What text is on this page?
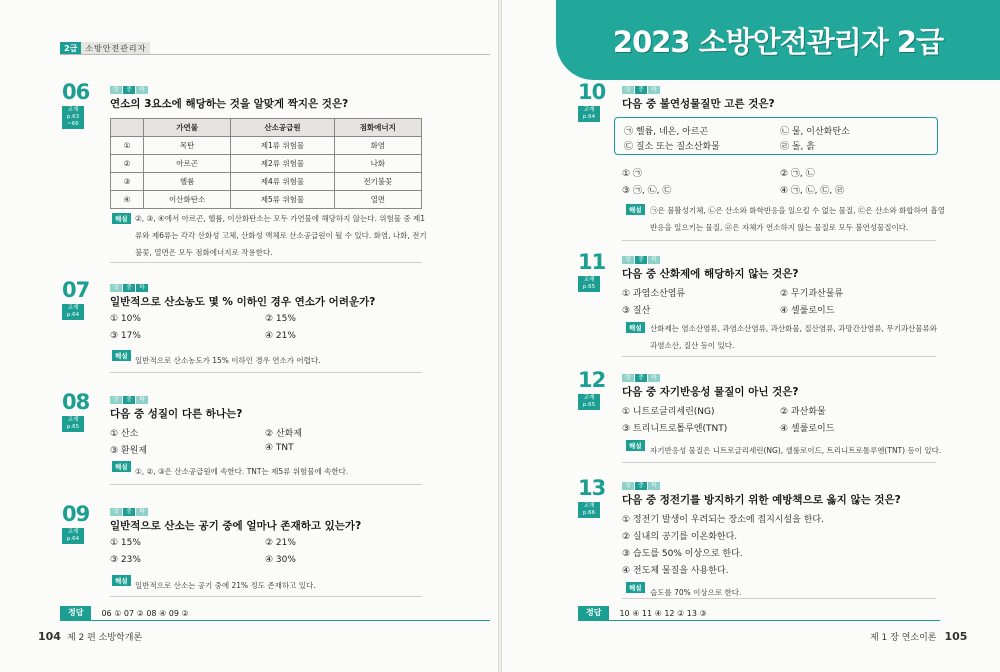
2023 소방안전관리자 2급
2급	소방안전관리자
06
교재 p.63 ~66
상	중	하
연소의 3요소에 해당하는 것을 알맞게 짝지은 것은?
	가연물	산소공급원	점화에너지
①	목탄	제1류 위험물	화염
②	아르곤	제2류 위험물	나화
③	헬륨	제4류 위험물	전기불꽃
④	이산화탄소	제5류 위험물	열면
해설 ②, ③, ④에서 아르곤, 헬륨, 이산화탄소는 모두 가연물에 해당하지 않는다. 위험물 중 제1
류와 제6류는 각각 산화성 고체, 산화성 액체로 산소공급원이 될 수 있다. 화염, 나화, 전기
불꽃, 열면은 모두 점화에너지로 작용한다.
07
교재 p.64
상	중	하
일반적으로 산소농도 몇 % 이하인 경우 연소가 어려운가?
① 10%	② 15%
③ 17%	④ 21%
해설 일반적으로 산소농도가 15% 이하인 경우 연소가 어렵다.
08
교재 p.65
상	중	하
다음 중 성질이 다른 하나는?
① 산소	② 산화제
③ 환원제	④ TNT
해설 ①, ②, ③은 산소공급원에 속한다. TNT는 제5류 위험물에 속한다.
09
교재 p.64
상	중	하
일반적으로 산소는 공기 중에 얼마나 존재하고 있는가?
① 15%	② 21%
③ 23%	④ 30%
해설 일반적으로 산소는 공기 중에 21% 정도 존재하고 있다.
정답	06 ① 07 ② 08 ④ 09 ②
104 제 2 편 소방학개론
10
교재 p.64
상	중	하
다음 중 불연성물질만 고른 것은?
㉠ 헬륨, 네온, 아르곤	㉡ 물, 이산화탄소
㉢ 질소 또는 질소산화물	㉣ 돌, 흙
① ㉠	② ㉠, ㉡
③ ㉠, ㉡, ㉢	④ ㉠, ㉡, ㉢, ㉣
해설	㉠은 불활성기체, ㉡은 산소와 화학반응을 일으킬 수 없는 물질, ㉢은 산소와 화합하여 흡열
반응을 일으키는 물질, ㉣은 자체가 연소하지 않는 물질로 모두 불연성물질이다.
11
교재 p.65
상	중	하
다음 중 산화제에 해당하지 않는 것은?
① 과염소산염류	② 무기과산물류
③ 질산	④ 셀룰로이드
해설	산화제는 염소산염류, 과염소산염류, 과산화물, 질산염류, 과망간산염류, 무기과산물류와
과염소산, 질산 등이 있다.
12
교재 p.65
상	중	하
다음 중 자기반응성 물질이 아닌 것은?
① 니트로글리세린(NG)	② 과산화물
③ 트리니트로톨루엔(TNT)	④ 셀룰로이드
해설	자기반응성 물질은 니트로글리세린(NG), 셀룰로이드, 트리니트로톨루엔(TNT) 등이 있다.
13
교재 p.66
상	중	하
다음 중 정전기를 방지하기 위한 예방책으로 옳지 않는 것은?
① 정전기 발생이 우려되는 장소에 접지시설을 한다.
② 실내의 공기를 이온화한다.
③ 습도를 50% 이상으로 한다.
④ 전도체 물질을 사용한다.
해설	습도를 70% 이상으로 한다.
정답	10 ④ 11 ④ 12 ② 13 ③
제 1 장 연소이론 105
